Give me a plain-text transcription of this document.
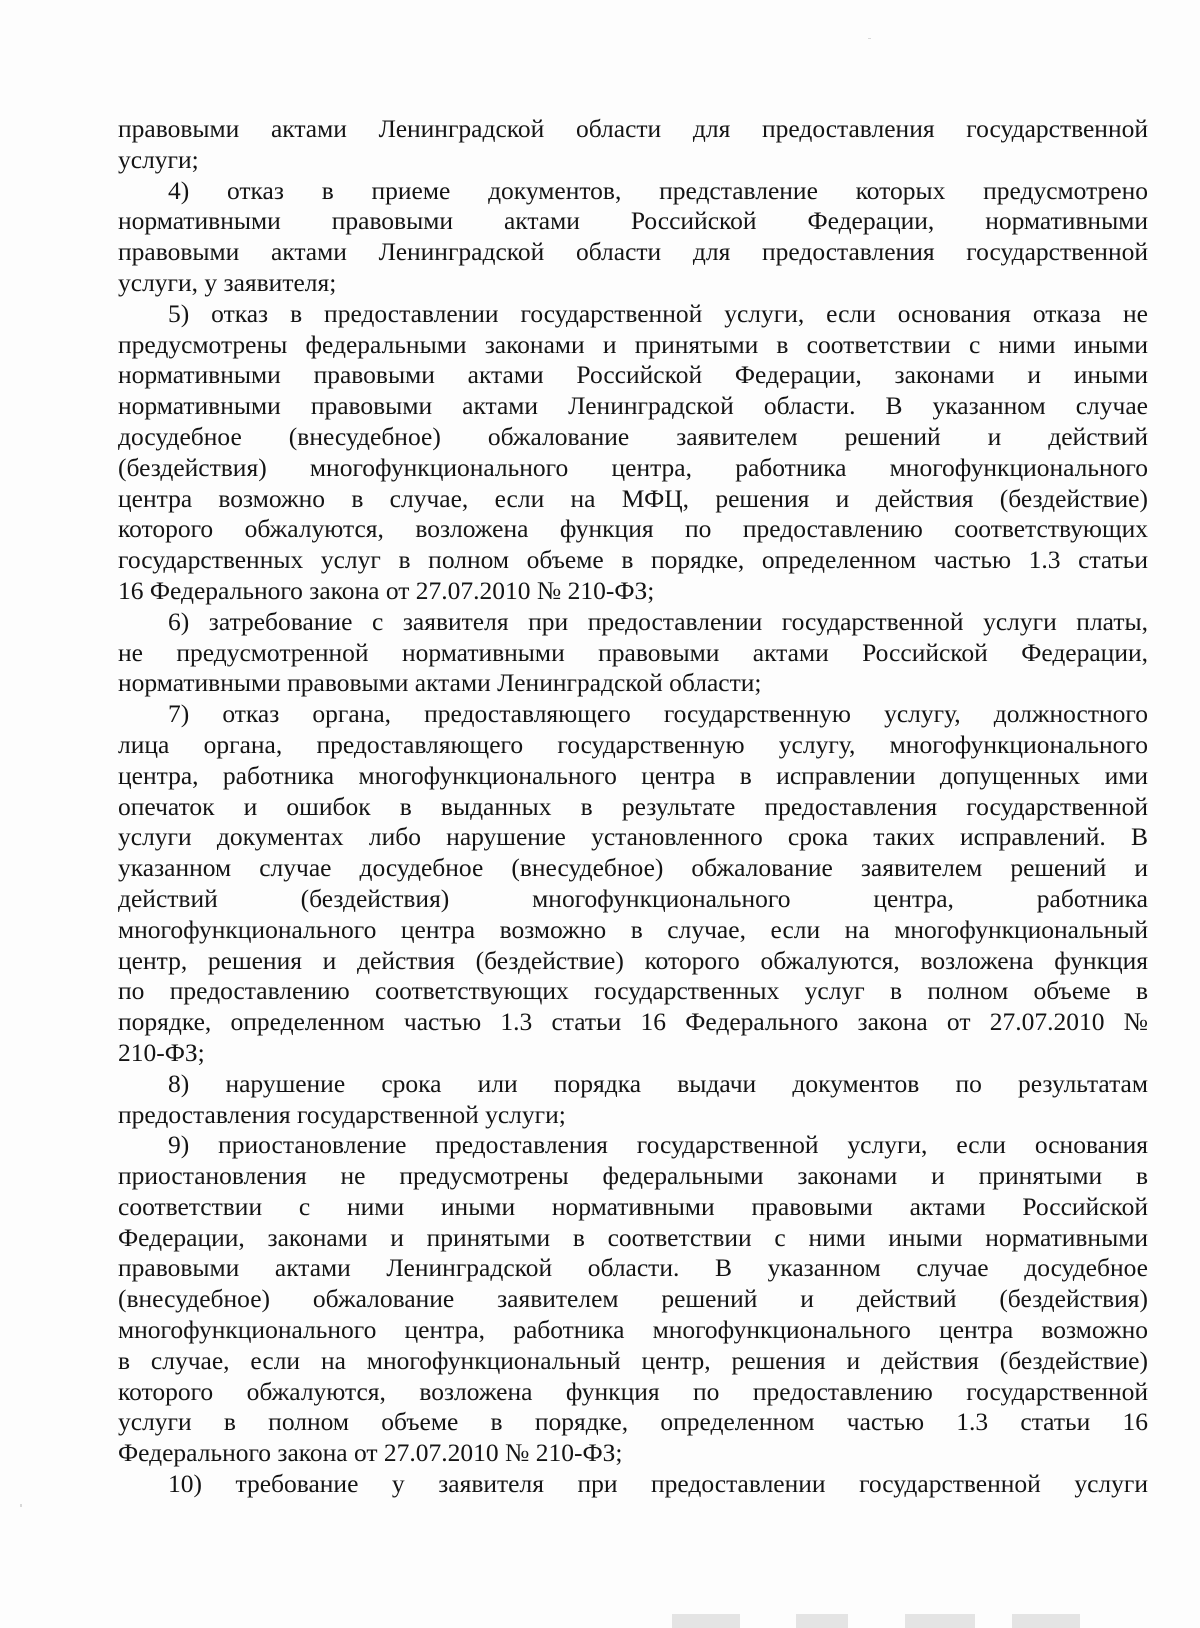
правовыми актами Ленинградской области для предоставления государственной
услуги;
4) отказ в приеме документов, представление которых предусмотрено
нормативными правовыми актами Российской Федерации, нормативными
правовыми актами Ленинградской области для предоставления государственной
услуги, у заявителя;
5) отказ в предоставлении государственной услуги, если основания отказа не
предусмотрены федеральными законами и принятыми в соответствии с ними иными
нормативными правовыми актами Российской Федерации, законами и иными
нормативными правовыми актами Ленинградской области. В указанном случае
досудебное (внесудебное) обжалование заявителем решений и действий
(бездействия) многофункционального центра, работника многофункционального
центра возможно в случае, если на МФЦ, решения и действия (бездействие)
которого обжалуются, возложена функция по предоставлению соответствующих
государственных услуг в полном объеме в порядке, определенном частью 1.3 статьи
16 Федерального закона от 27.07.2010 № 210-ФЗ;
6) затребование с заявителя при предоставлении государственной услуги платы,
не предусмотренной нормативными правовыми актами Российской Федерации,
нормативными правовыми актами Ленинградской области;
7) отказ органа, предоставляющего государственную услугу, должностного
лица органа, предоставляющего государственную услугу, многофункционального
центра, работника многофункционального центра в исправлении допущенных ими
опечаток и ошибок в выданных в результате предоставления государственной
услуги документах либо нарушение установленного срока таких исправлений. В
указанном случае досудебное (внесудебное) обжалование заявителем решений и
действий (бездействия) многофункционального центра, работника
многофункционального центра возможно в случае, если на многофункциональный
центр, решения и действия (бездействие) которого обжалуются, возложена функция
по предоставлению соответствующих государственных услуг в полном объеме в
порядке, определенном частью 1.3 статьи 16 Федерального закона от 27.07.2010 №
210-ФЗ;
8) нарушение срока или порядка выдачи документов по результатам
предоставления государственной услуги;
9) приостановление предоставления государственной услуги, если основания
приостановления не предусмотрены федеральными законами и принятыми в
соответствии с ними иными нормативными правовыми актами Российской
Федерации, законами и принятыми в соответствии с ними иными нормативными
правовыми актами Ленинградской области. В указанном случае досудебное
(внесудебное) обжалование заявителем решений и действий (бездействия)
многофункционального центра, работника многофункционального центра возможно
в случае, если на многофункциональный центр, решения и действия (бездействие)
которого обжалуются, возложена функция по предоставлению государственной
услуги в полном объеме в порядке, определенном частью 1.3 статьи 16
Федерального закона от 27.07.2010 № 210-ФЗ;
10) требование у заявителя при предоставлении государственной услуги
